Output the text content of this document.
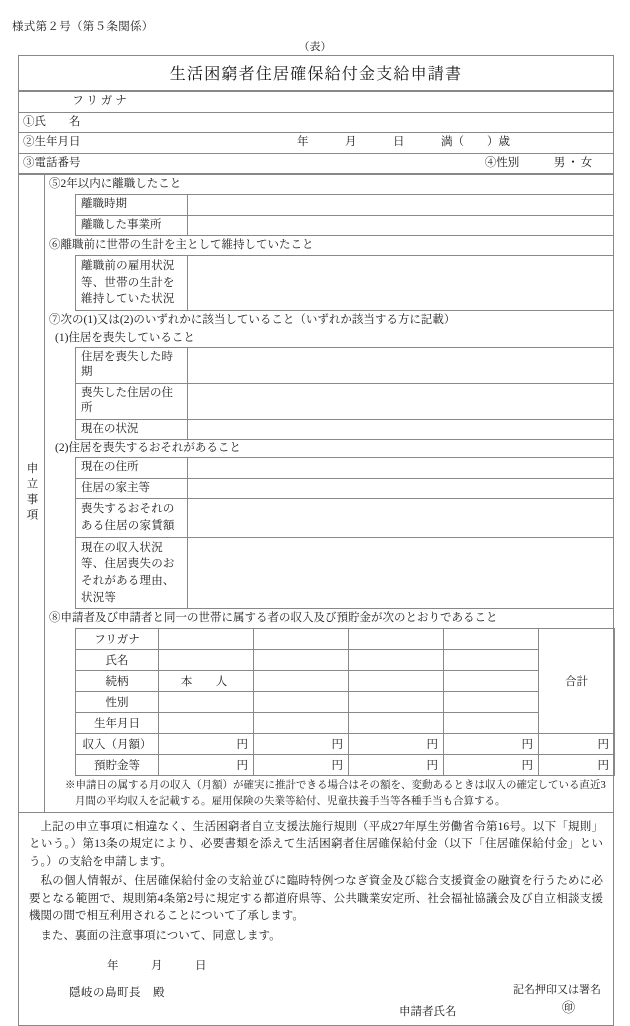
様式第２号（第５条関係）
（表）
生活困窮者住居確保給付金支給申請書
フリガナ			
①氏　　名			
②生年月日	年 月 日 満（　　）歳		

③電話番号		④性別	男・女
申立事項
⑤2年以内に離職したこと
離職時期	
離職した事業所	
⑥離職前に世帯の生計を主として維持していたこと
離職前の雇用状況等、世帯の生計を維持していた状況	
⑦次の(1)又は(2)のいずれかに該当していること（いずれか該当する方に記載）
(1)住居を喪失していること
住居を喪失した時期	
喪失した住居の住所	
現在の状況	
(2)住居を喪失するおそれがあること
現在の住所	
住居の家主等	
喪失するおそれのある住居の家賃額	
現在の収入状況等、住居喪失のおそれがある理由、状況等	
⑧申請者及び申請者と同一の世帯に属する者の収入及び預貯金が次のとおりであること
フリガナ					合計
氏名					
続柄	本　人				
性別					
生年月日					
収入（月額）	円	円	円	円	円
預貯金等	円	円	円	円	円
※申請日の属する月の収入（月額）が確実に推計できる場合はその額を、変動あるときは収入の確定している直近3月間の平均収入を記載する。雇用保険の失業等給付、児童扶養手当等各種手当も合算する。

上記の申立事項に相違なく、生活困窮者自立支援法施行規則（平成27年厚生労働省令第16号。以下「規則」という。）第13条の規定により、必要書類を添えて生活困窮者住居確保給付金（以下「住居確保給付金」という。）の支給を申請します。

私の個人情報が、住居確保給付金の支給並びに臨時特例つなぎ資金及び総合支援資金の融資を行うために必要となる範囲で、規則第4条第2号に規定する都道府県等、公共職業安定所、社会福祉協議会及び自立相談支援機関の間で相互利用されることについて了承します。

また、裏面の注意事項について、同意します。

年	月	日
隠岐の島町長　殿	記名押印又は署名
申請者氏名	㊞
